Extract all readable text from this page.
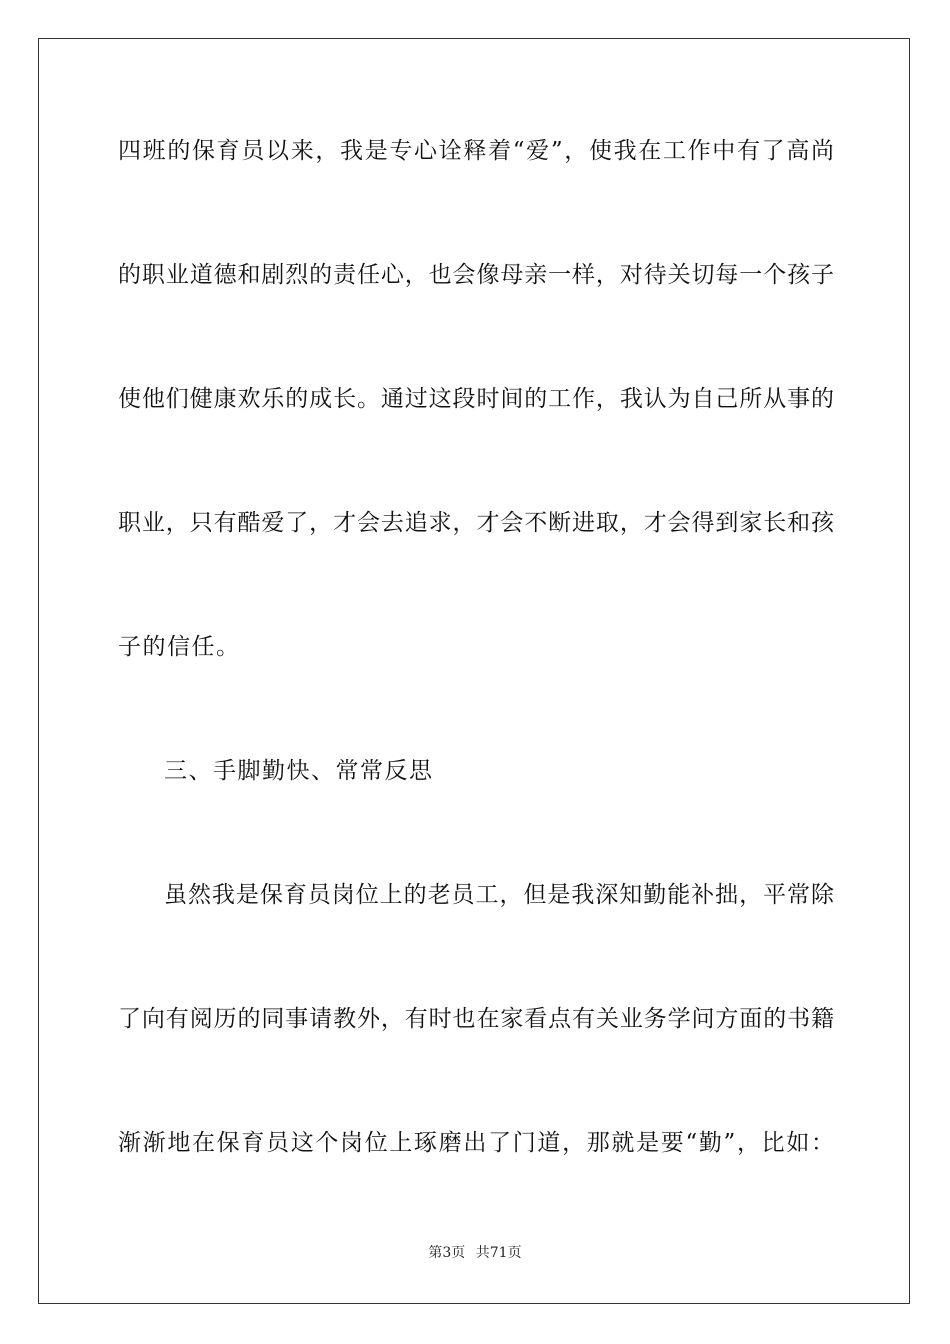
四班的保育员以来，我是专心诠释着“爱”，使我在工作中有了高尚
的职业道德和剧烈的责任心，也会像母亲一样，对待关切每一个孩子
使他们健康欢乐的成长。通过这段时间的工作，我认为自己所从事的
职业，只有酷爱了，才会去追求，才会不断进取，才会得到家长和孩
子的信任。
三、手脚勤快、常常反思
虽然我是保育员岗位上的老员工，但是我深知勤能补拙，平常除
了向有阅历的同事请教外，有时也在家看点有关业务学问方面的书籍
渐渐地在保育员这个岗位上琢磨出了门道，那就是要“勤”，比如：
第3页 共71页
